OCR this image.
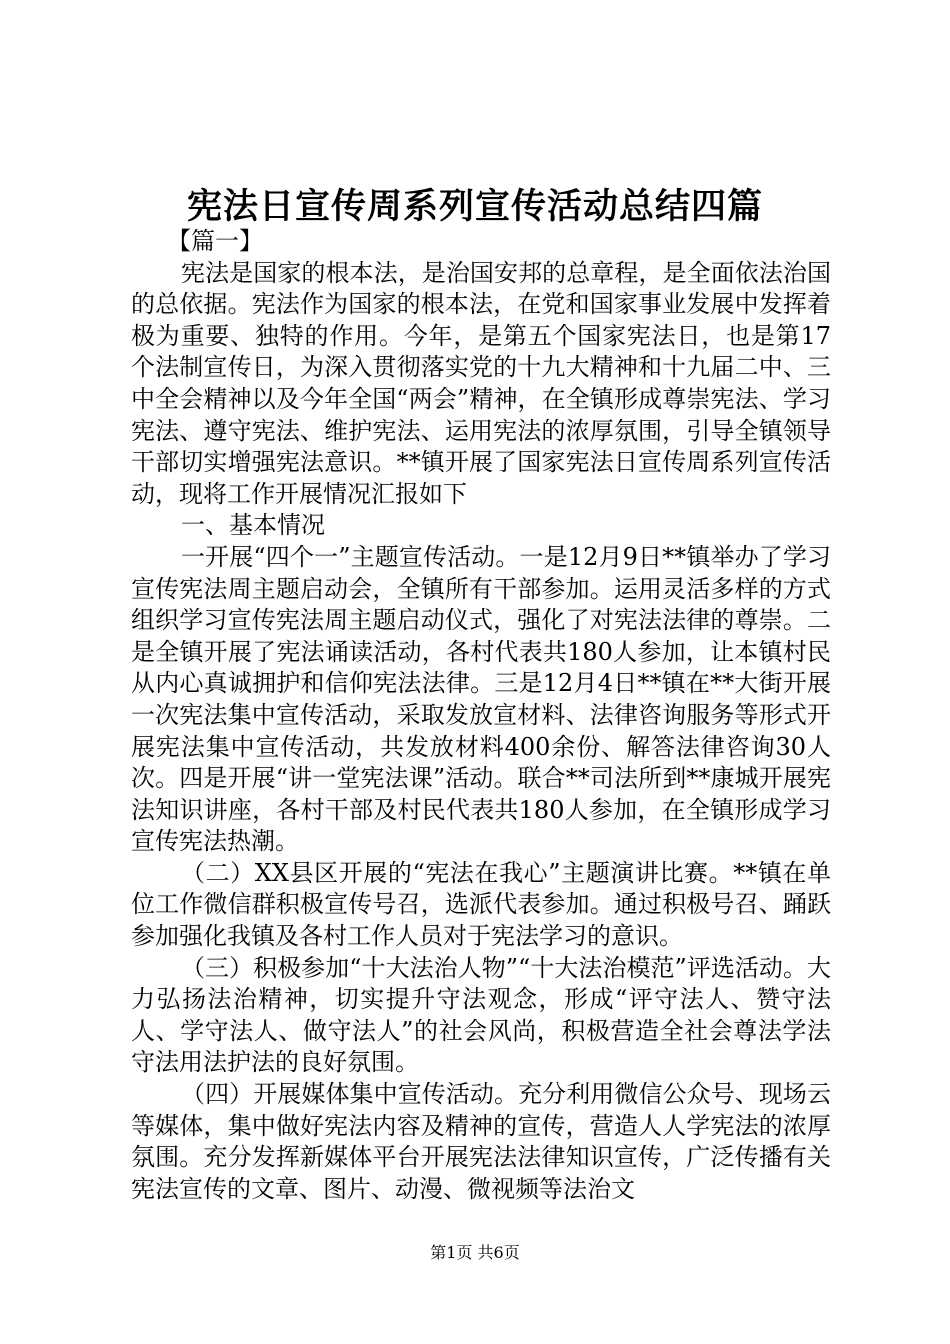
宪法日宣传周系列宣传活动总结四篇

【篇一】

宪法是国家的根本法，是治国安邦的总章程，是全面依法治国的总依据。宪法作为国家的根本法，在党和国家事业发展中发挥着极为重要、独特的作用。今年，是第五个国家宪法日，也是第17个法制宣传日，为深入贯彻落实党的十九大精神和十九届二中、三中全会精神以及今年全国“两会”精神，在全镇形成尊崇宪法、学习宪法、遵守宪法、维护宪法、运用宪法的浓厚氛围，引导全镇领导干部切实增强宪法意识。**镇开展了国家宪法日宣传周系列宣传活动，现将工作开展情况汇报如下

一、基本情况

一开展“四个一”主题宣传活动。一是12月9日**镇举办了学习宣传宪法周主题启动会，全镇所有干部参加。运用灵活多样的方式组织学习宣传宪法周主题启动仪式，强化了对宪法法律的尊崇。二是全镇开展了宪法诵读活动，各村代表共180人参加，让本镇村民从内心真诚拥护和信仰宪法法律。三是12月4日**镇在**大街开展一次宪法集中宣传活动，采取发放宣材料、法律咨询服务等形式开展宪法集中宣传活动，共发放材料400余份、解答法律咨询30人次。四是开展“讲一堂宪法课”活动。联合**司法所到**康城开展宪法知识讲座，各村干部及村民代表共180人参加，在全镇形成学习宣传宪法热潮。

（二）XX县区开展的“宪法在我心”主题演讲比赛。**镇在单位工作微信群积极宣传号召，选派代表参加。通过积极号召、踊跃参加强化我镇及各村工作人员对于宪法学习的意识。

（三）积极参加“十大法治人物”“十大法治模范”评选活动。大力弘扬法治精神，切实提升守法观念，形成“评守法人、赞守法人、学守法人、做守法人”的社会风尚，积极营造全社会尊法学法守法用法护法的良好氛围。

（四）开展媒体集中宣传活动。充分利用微信公众号、现场云等媒体，集中做好宪法内容及精神的宣传，营造人人学宪法的浓厚氛围。充分发挥新媒体平台开展宪法法律知识宣传，广泛传播有关宪法宣传的文章、图片、动漫、微视频等法治文

第1页 共6页
